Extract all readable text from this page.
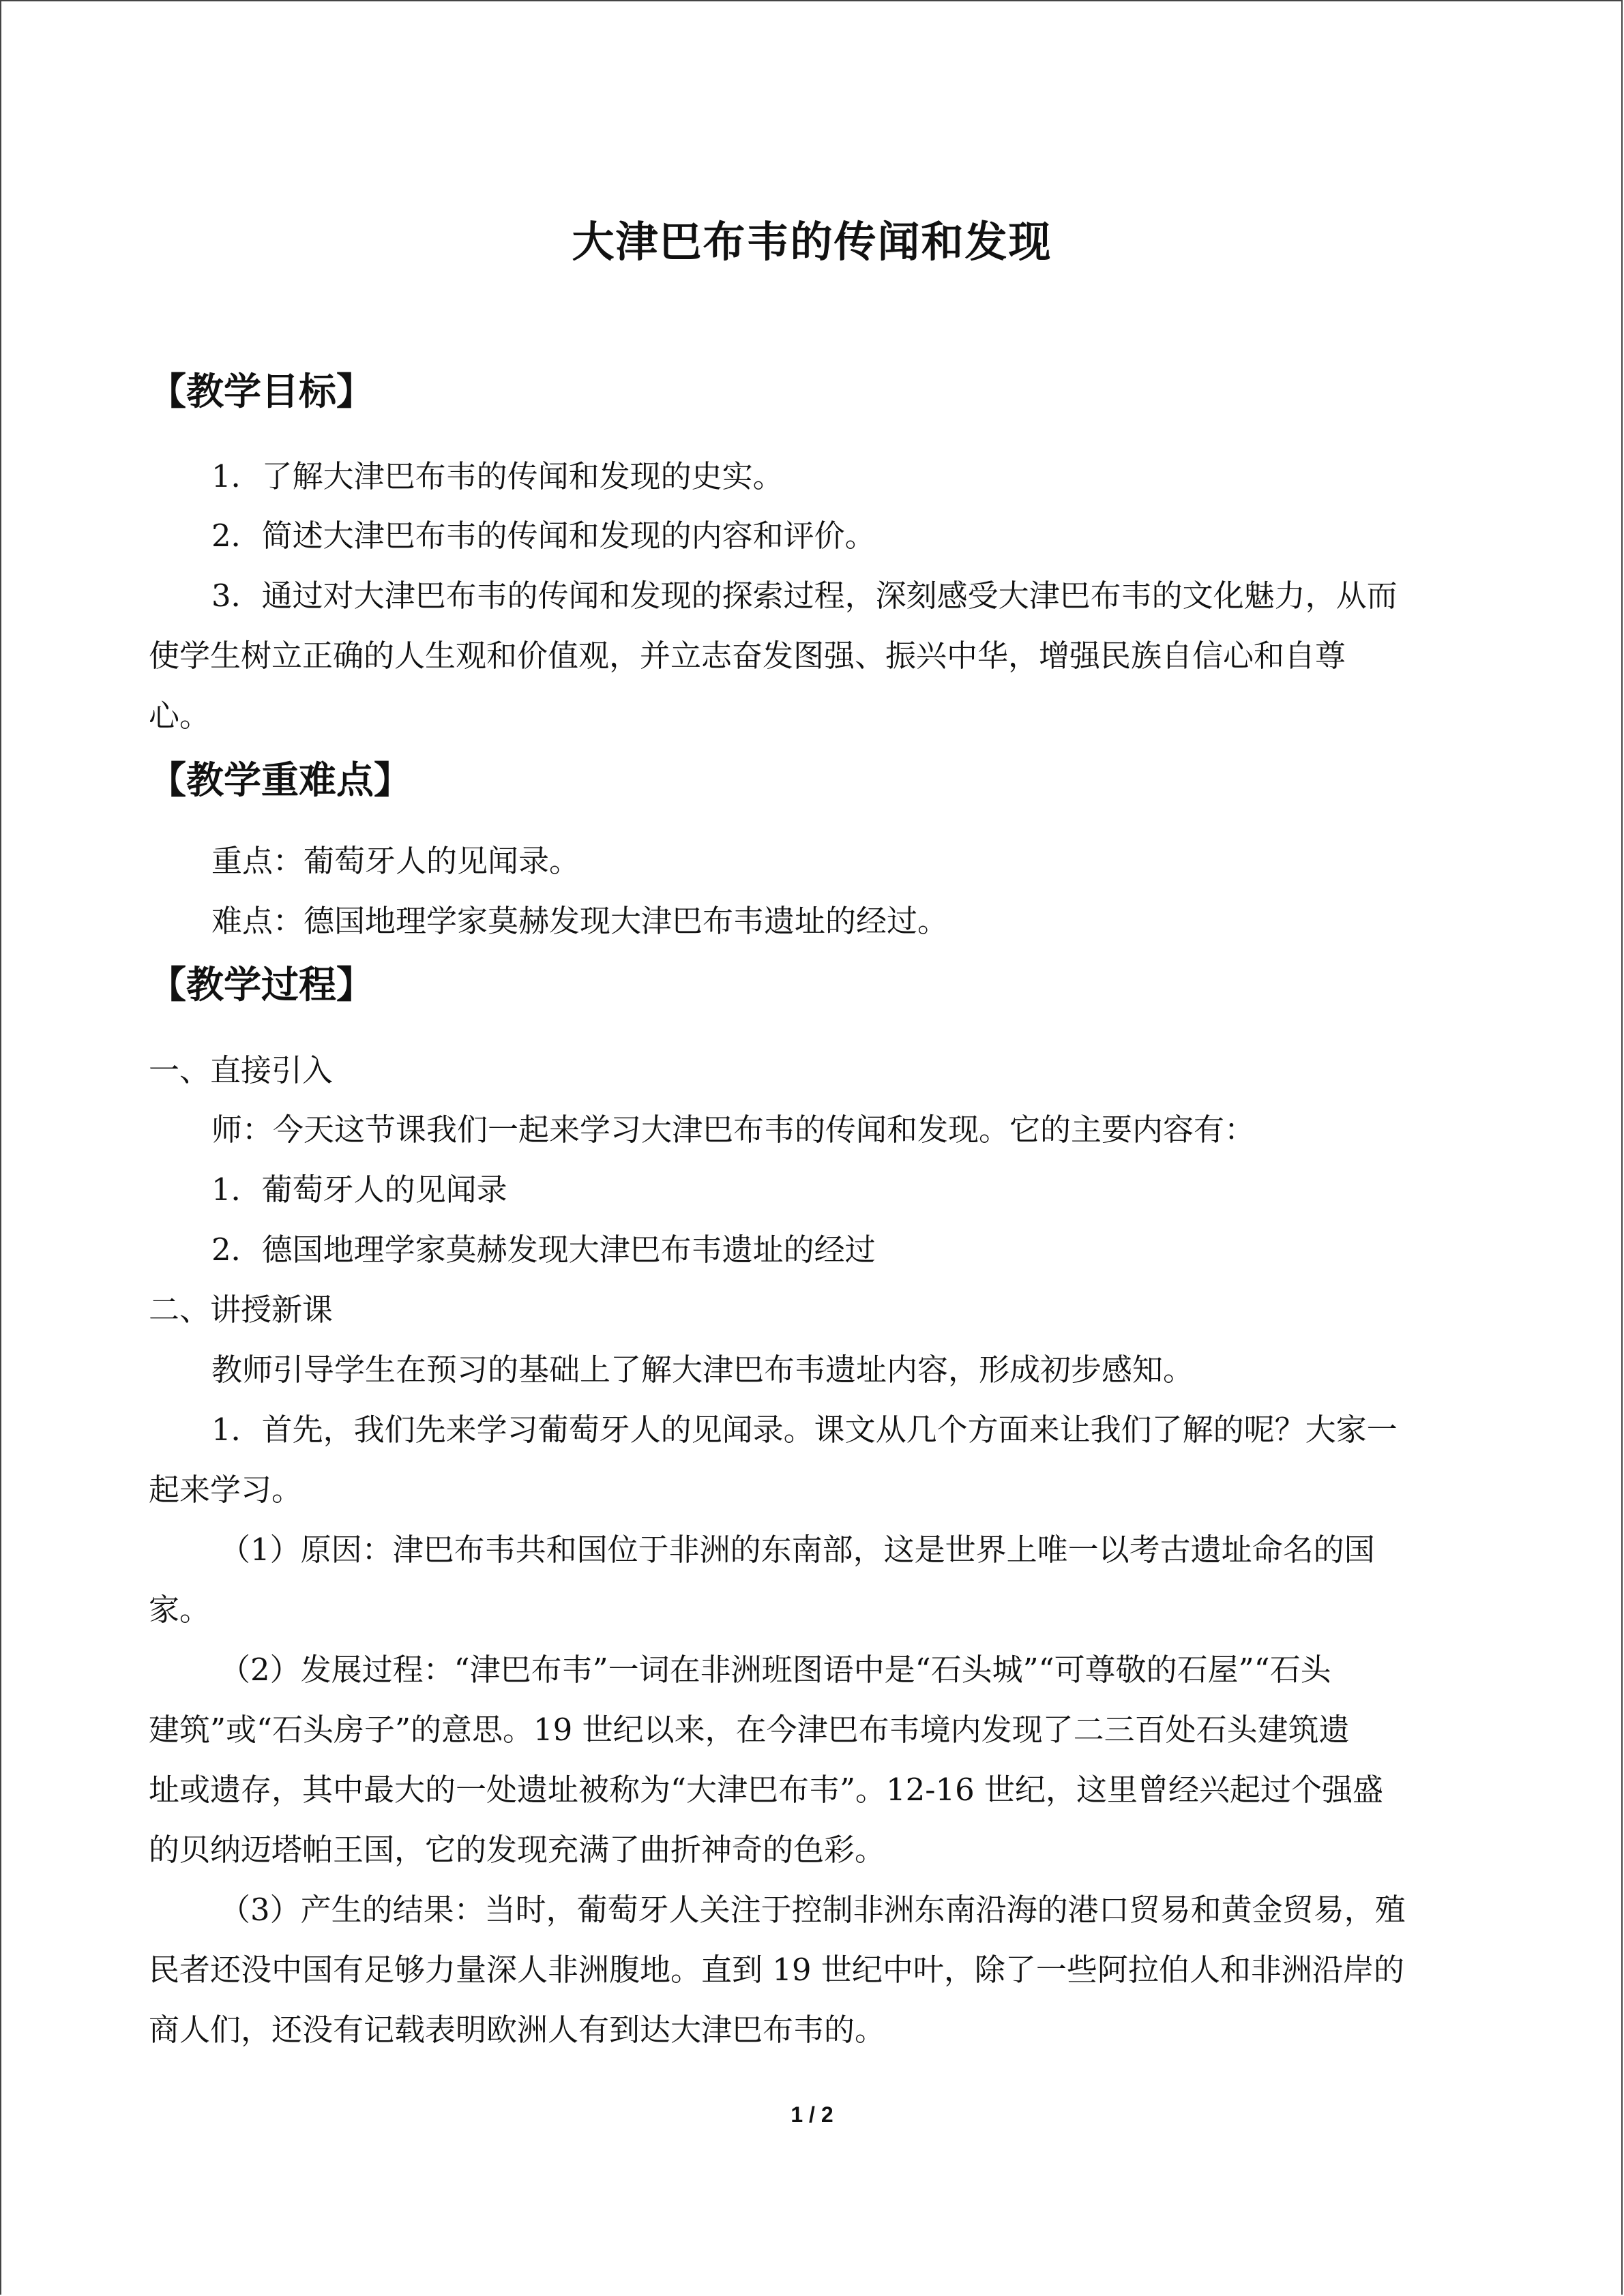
大津巴布韦的传闻和发现
【教学目标】
1．了解大津巴布韦的传闻和发现的史实。
2．简述大津巴布韦的传闻和发现的内容和评价。
3．通过对大津巴布韦的传闻和发现的探索过程，深刻感受大津巴布韦的文化魅力，从而
使学生树立正确的人生观和价值观，并立志奋发图强、振兴中华，增强民族自信心和自尊
心。
【教学重难点】
重点：葡萄牙人的见闻录。
难点：德国地理学家莫赫发现大津巴布韦遗址的经过。
【教学过程】
一、直接引入
师：今天这节课我们一起来学习大津巴布韦的传闻和发现。它的主要内容有：
1．葡萄牙人的见闻录
2．德国地理学家莫赫发现大津巴布韦遗址的经过
二、讲授新课
教师引导学生在预习的基础上了解大津巴布韦遗址内容，形成初步感知。
1．首先，我们先来学习葡萄牙人的见闻录。课文从几个方面来让我们了解的呢？大家一
起来学习。
（1）原因：津巴布韦共和国位于非洲的东南部，这是世界上唯一以考古遗址命名的国
家。
（2）发展过程：“津巴布韦”一词在非洲班图语中是“石头城”“可尊敬的石屋”“石头
建筑”或“石头房子”的意思。19 世纪以来，在今津巴布韦境内发现了二三百处石头建筑遗
址或遗存，其中最大的一处遗址被称为“大津巴布韦”。12-16 世纪，这里曾经兴起过个强盛
的贝纳迈塔帕王国，它的发现充满了曲折神奇的色彩。
（3）产生的结果：当时，葡萄牙人关注于控制非洲东南沿海的港口贸易和黄金贸易，殖
民者还没中国有足够力量深人非洲腹地。直到 19 世纪中叶，除了一些阿拉伯人和非洲沿岸的
商人们，还没有记载表明欧洲人有到达大津巴布韦的。
1 / 2
